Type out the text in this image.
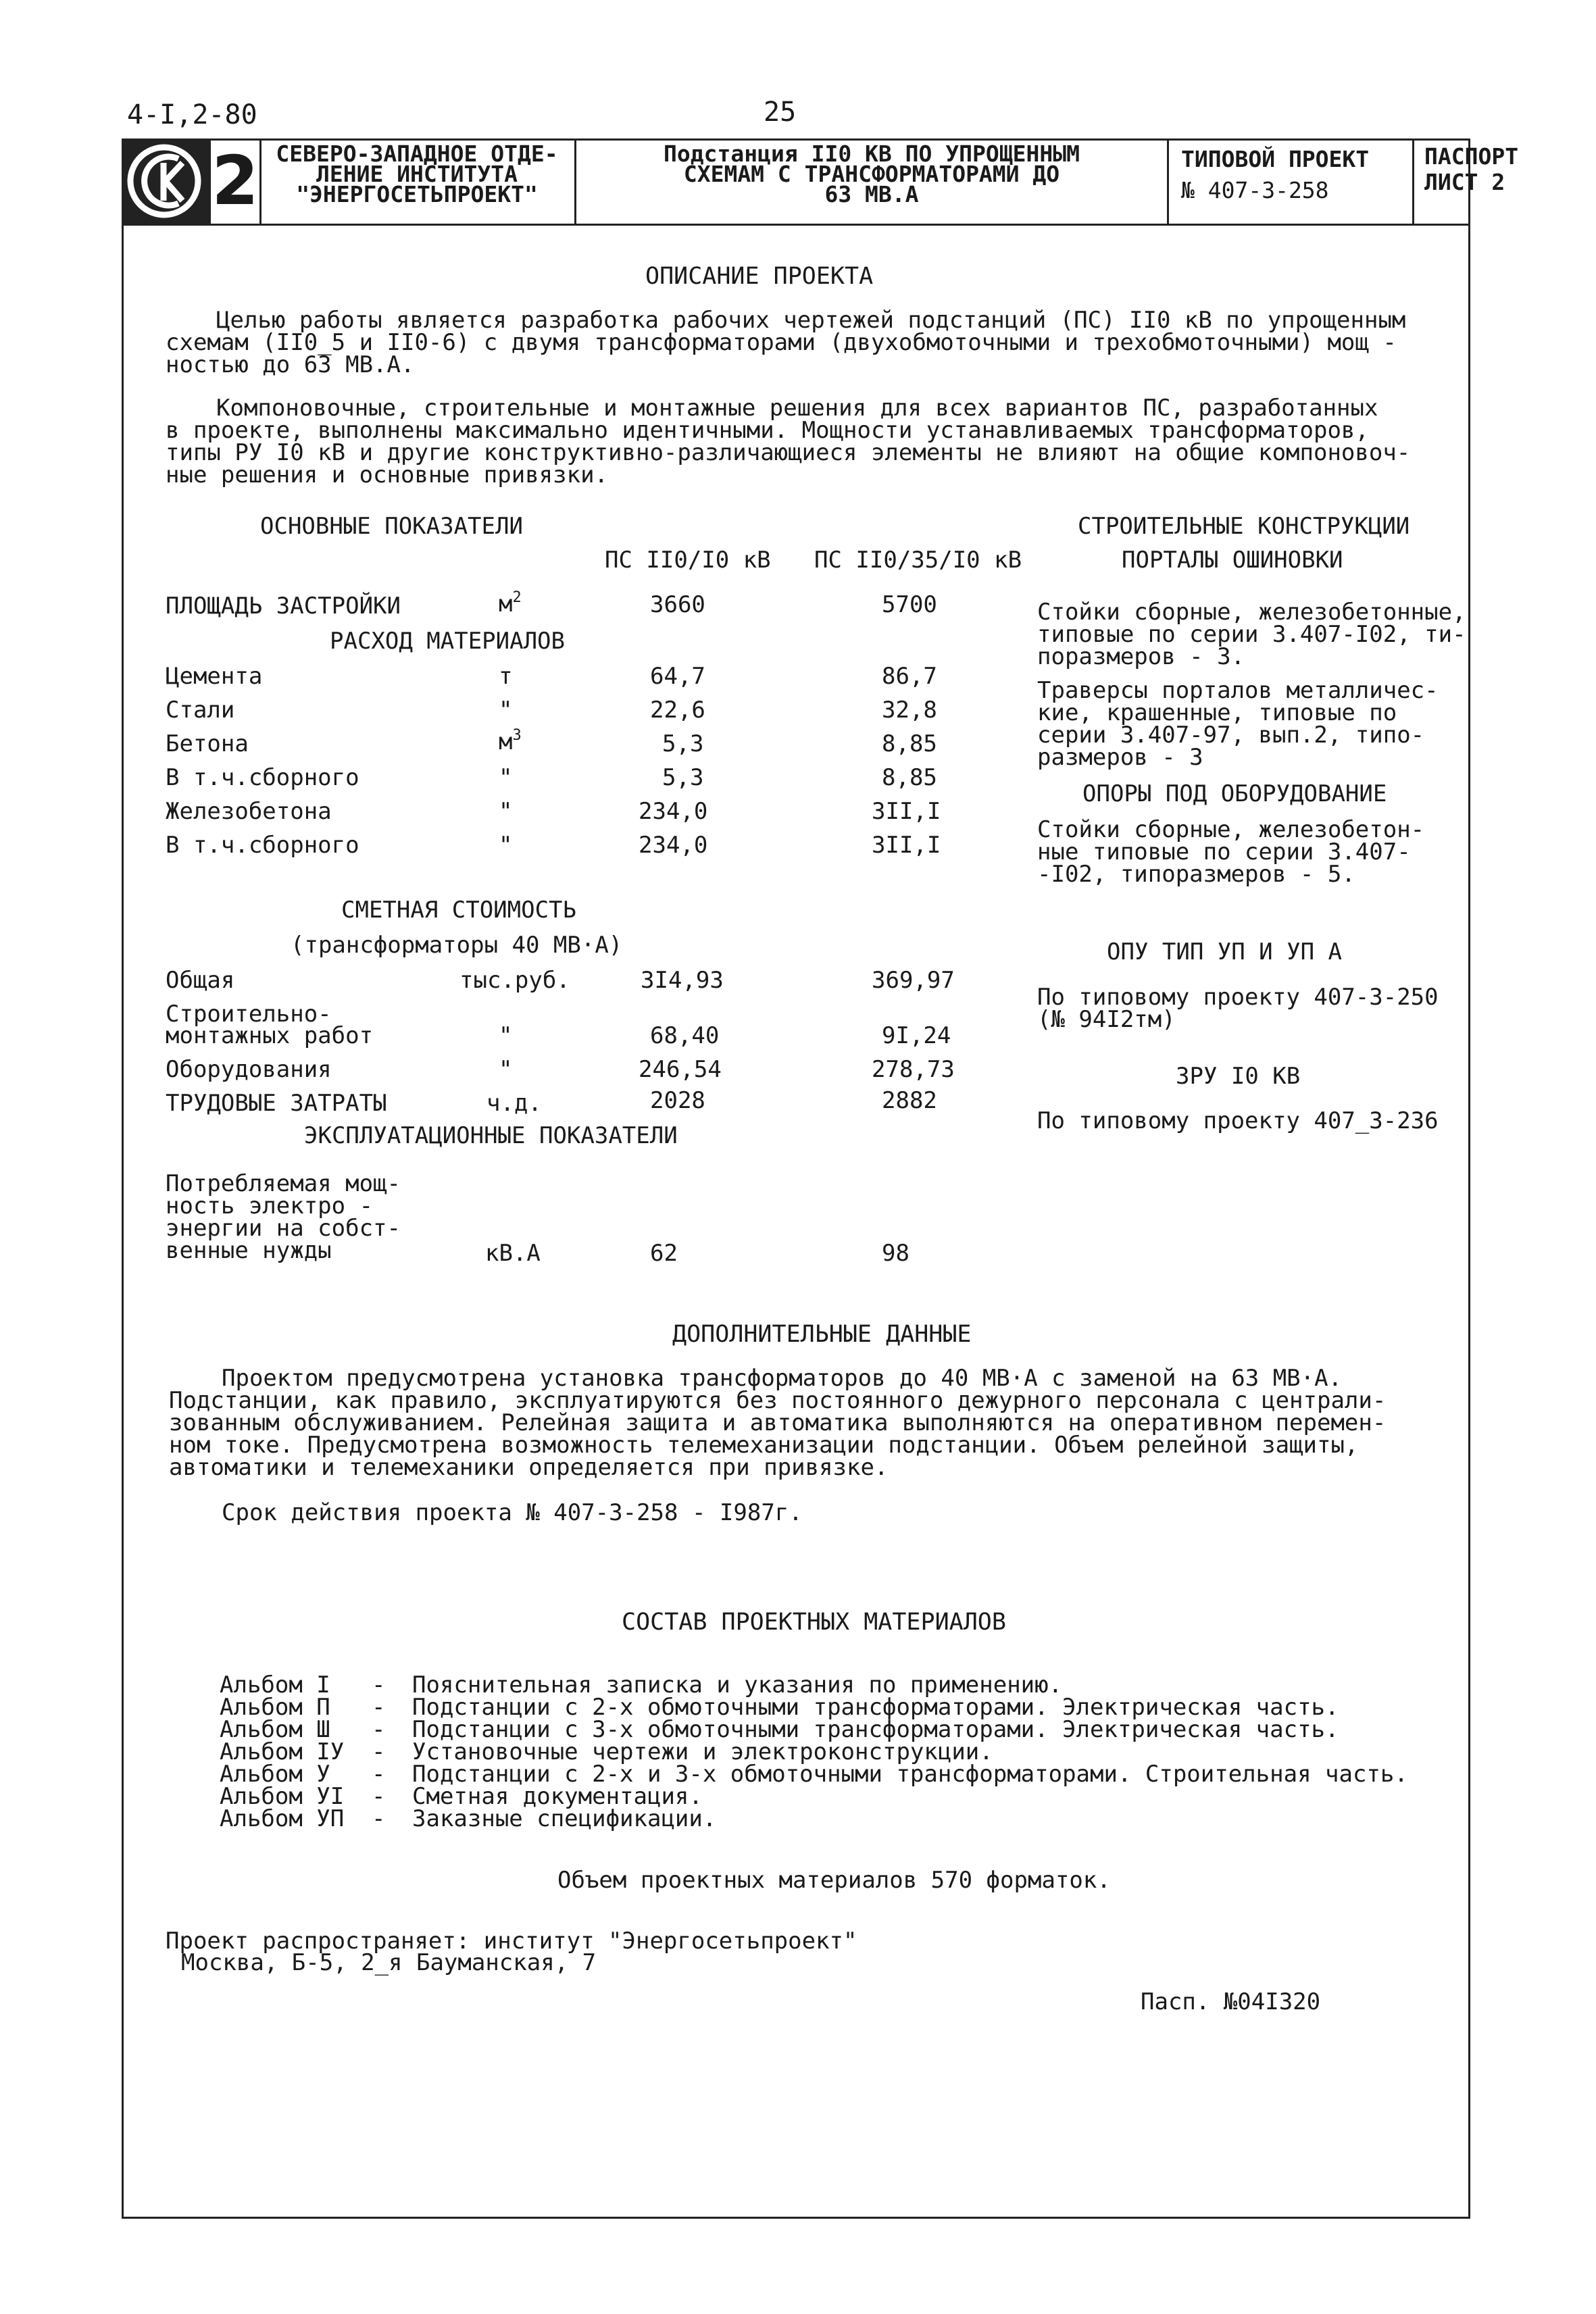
4-I,2-80	25
2 СЕВЕРО-ЗАПАДНОЕ ОТДЕ-
ЛЕНИЕ ИНСТИТУТА
"ЭНЕРГОСЕТЬПРОЕКТ"
Подстанция II0 КВ ПО УПРОЩЕННЫМ
СХЕМАМ С ТРАНСФОРМАТОРАМИ ДО
63 МВ.А
ТИПОВОЙ ПРОЕКТ
№ 407-3-258
ПАСПОРТ
ЛИСТ 2
ОПИСАНИЕ ПРОЕКТА
Целью работы является разработка рабочих чертежей подстанций (ПС) II0 кВ по упрощенным
схемам (II0_5 и II0-6) с двумя трансформаторами (двухобмоточными и трехобмоточными) мощ -
ностью до 63 МВ.А.
Компоновочные, строительные и монтажные решения для всех вариантов ПС, разработанных
в проекте, выполнены максимально идентичными. Мощности устанавливаемых трансформаторов,
типы РУ I0 кВ и другие конструктивно-различающиеся элементы не влияют на общие компоновоч-
ные решения и основные привязки.
ОСНОВНЫЕ ПОКАЗАТЕЛИ
ПС II0/I0 кВ ПС II0/35/I0 кВ
ПЛОЩАДЬ ЗАСТРОЙКИ	$м^2$	3660	5700
РАСХОД МАТЕРИАЛОВ
Цемента	т	64,7	86,7
Стали	"	22,6	32,8
Бетона	$м^3$	5,3	8,85
В т.ч.сборного	"	5,3	8,85
Железобетона	"	234,0	3II,I
В т.ч.сборного	"	234,0	3II,I
СМЕТНАЯ СТОИМОСТЬ
(трансформаторы 40 МВ·А)
Общая	тыс.руб.	3I4,93	369,97
Строительно-
монтажных работ	"	68,40	9I,24
Оборудования	"	246,54	278,73
ТРУДОВЫЕ ЗАТРАТЫ	ч.д.	2028	2882
ЭКСПЛУАТАЦИОННЫЕ ПОКАЗАТЕЛИ
Потребляемая мощ-
ность электро -
энергии на собст-
венные нужды	кВ.А	62	98
СТРОИТЕЛЬНЫЕ КОНСТРУКЦИИ
ПОРТАЛЫ ОШИНОВКИ
Стойки сборные, железобетонные,
типовые по серии 3.407-I02, ти-
поразмеров - 3.
Траверсы порталов металличес-
кие, крашенные, типовые по
серии 3.407-97, вып.2, типо-
размеров - 3
ОПОРЫ ПОД ОБОРУДОВАНИЕ
Стойки сборные, железобетон-
ные типовые по серии 3.407-
-I02, типоразмеров - 5.
ОПУ ТИП УП И УП А
По типовому проекту 407-3-250
(№ 94I2тм)
ЗРУ I0 КВ
По типовому проекту 407_3-236
ДОПОЛНИТЕЛЬНЫЕ ДАННЫЕ
Проектом предусмотрена установка трансформаторов до 40 МВ·А с заменой на 63 МВ·А.
Подстанции, как правило, эксплуатируются без постоянного дежурного персонала с централи-
зованным обслуживанием. Релейная защита и автоматика выполняются на оперативном перемен-
ном токе. Предусмотрена возможность телемеханизации подстанции. Объем релейной защиты,
автоматики и телемеханики определяется при привязке.
Срок действия проекта № 407-3-258 - I987г.
СОСТАВ ПРОЕКТНЫХ МАТЕРИАЛОВ
Альбом I	-	Пояснительная записка и указания по применению.
Альбом П	-	Подстанции с 2-х обмоточными трансформаторами. Электрическая часть.
Альбом Ш	-	Подстанции с 3-х обмоточными трансформаторами. Электрическая часть.
Альбом IУ	-	Установочные чертежи и электроконструкции.
Альбом У	-	Подстанции с 2-х и 3-х обмоточными трансформаторами. Строительная часть.
Альбом УI	-	Сметная документация.
Альбом УП	-	Заказные спецификации.
Объем проектных материалов 570 форматок.
Проект распространяет: институт "Энергосетьпроект"
Москва, Б-5, 2_я Бауманская, 7
Пасп. №04I320
